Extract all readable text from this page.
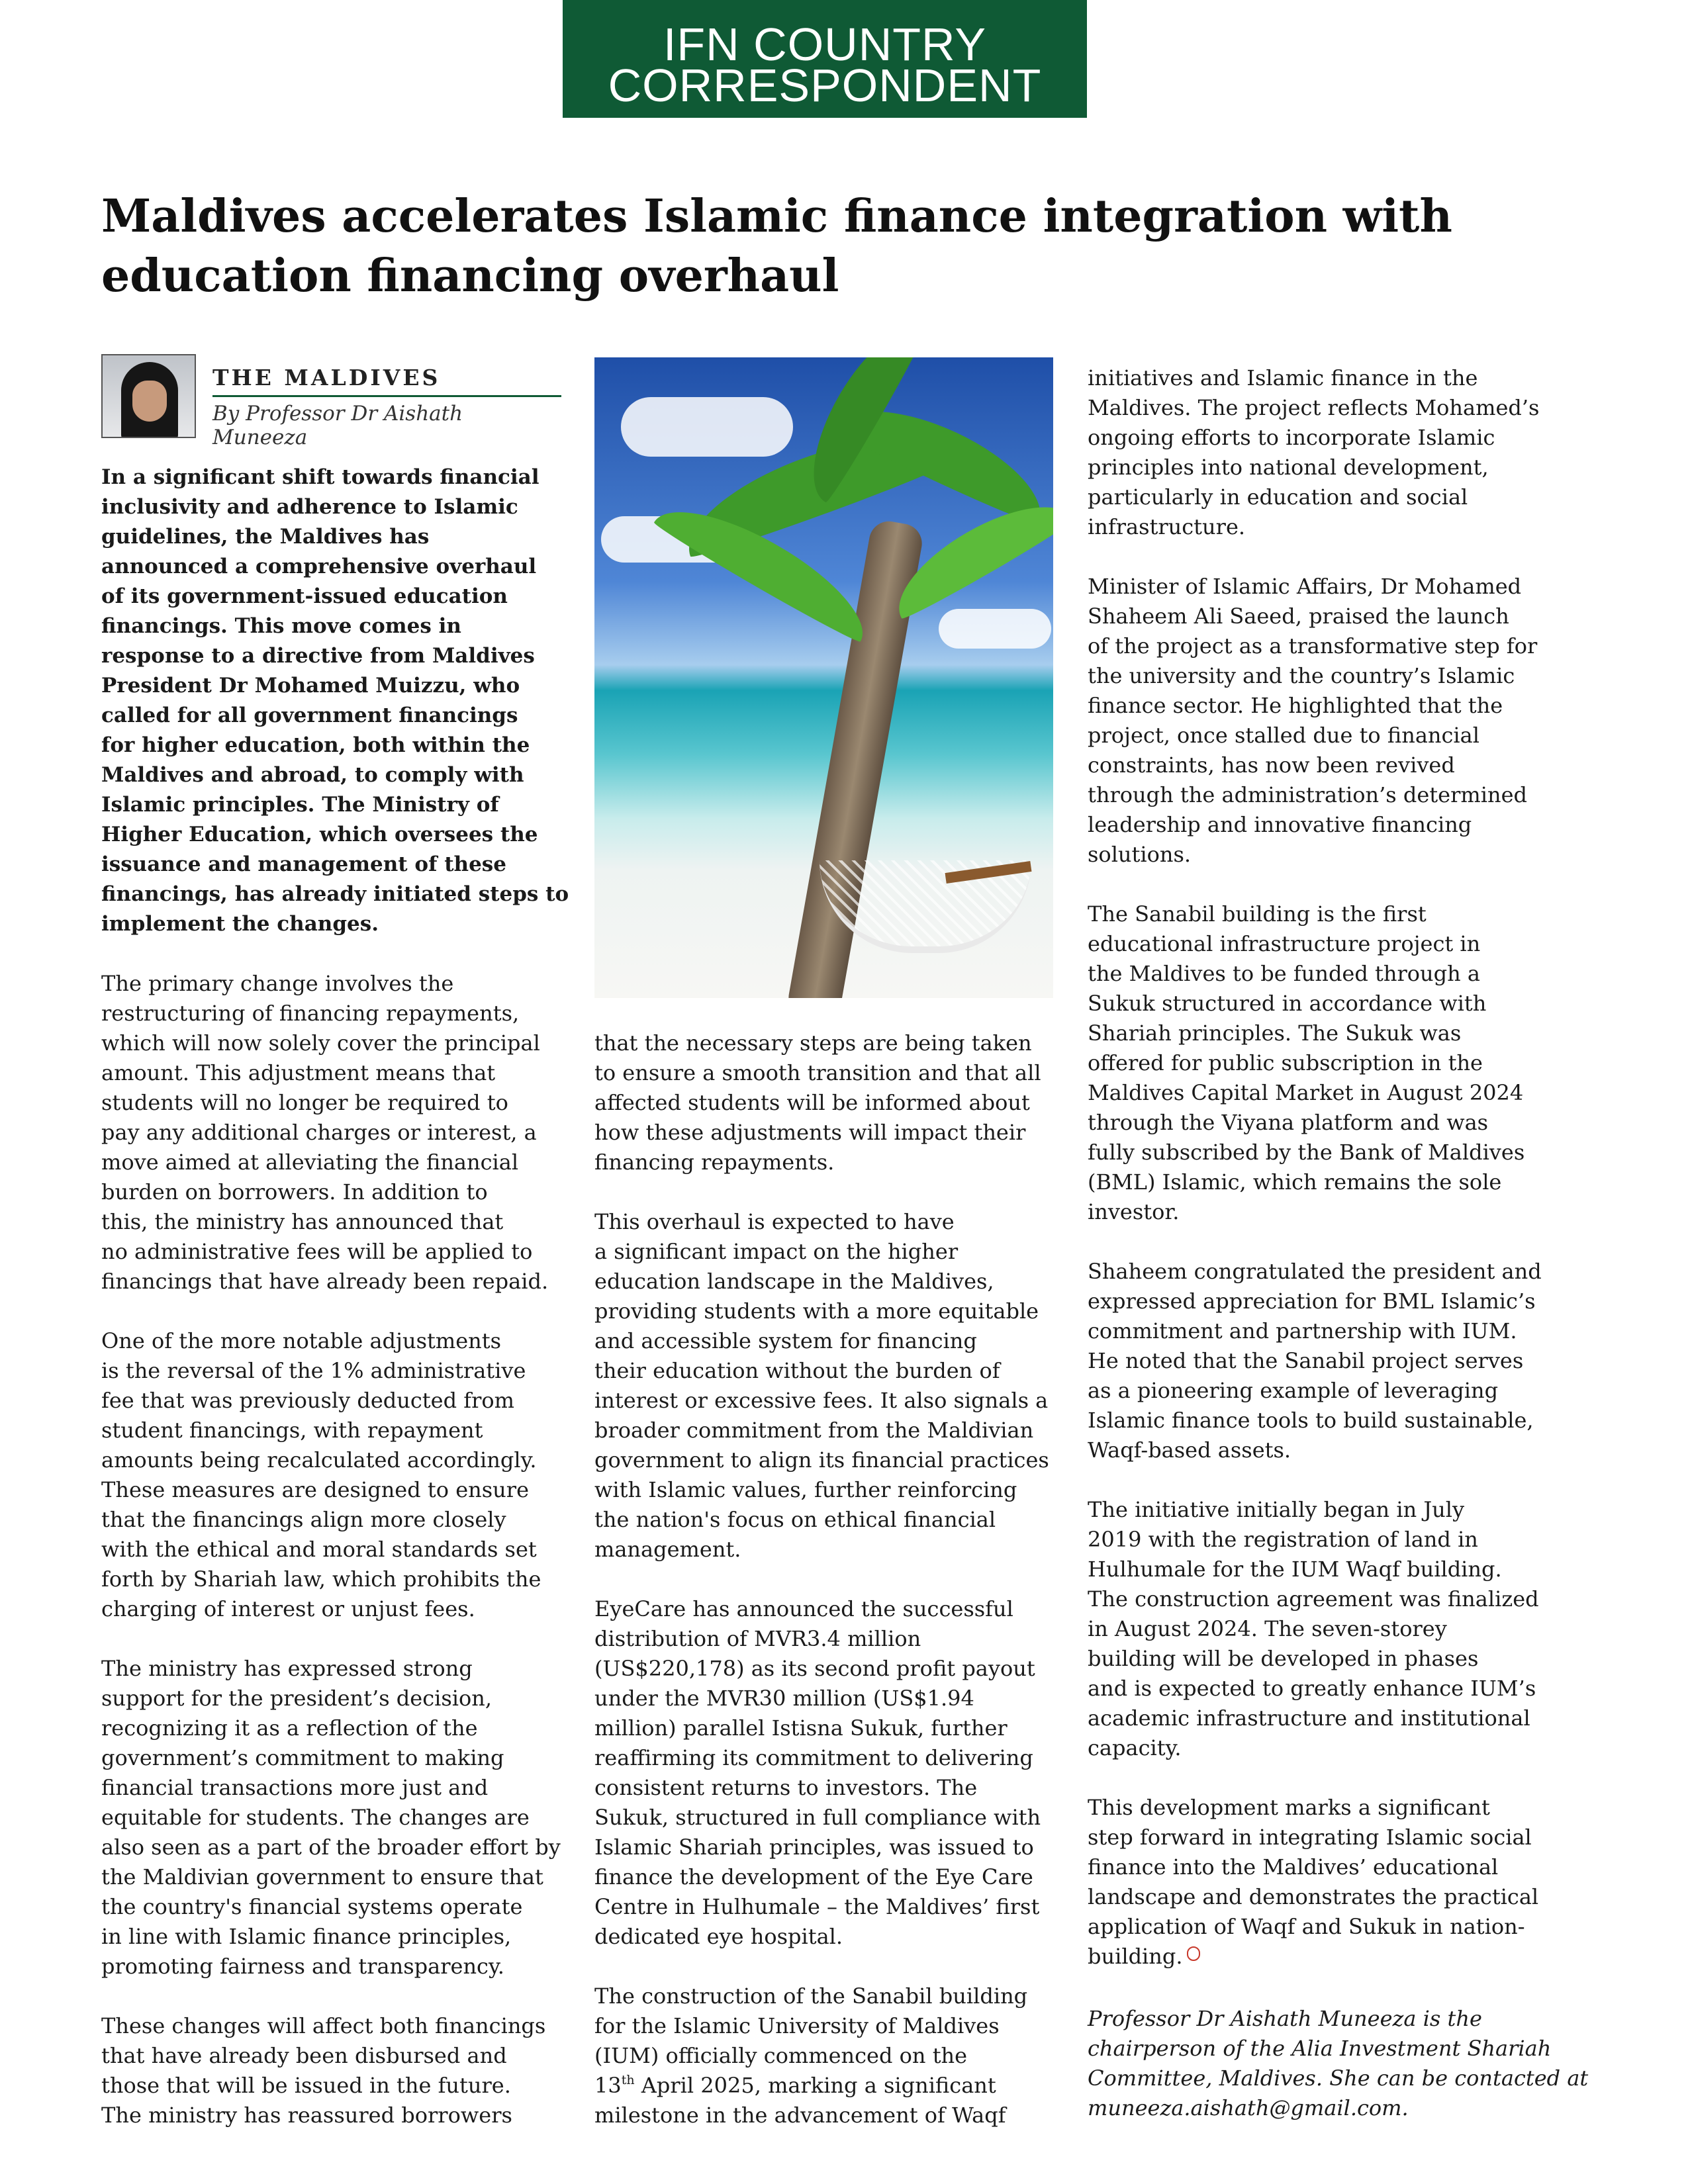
IFN COUNTRY
CORRESPONDENT
Maldives accelerates Islamic finance integration with
education financing overhaul
THE MALDIVES
By Professor Dr Aishath Muneeza
In a significant shift towards financial
inclusivity and adherence to Islamic
guidelines, the Maldives has
announced a comprehensive overhaul
of its government-issued education
financings. This move comes in
response to a directive from Maldives
President Dr Mohamed Muizzu, who
called for all government financings
for higher education, both within the
Maldives and abroad, to comply with
Islamic principles. The Ministry of
Higher Education, which oversees the
issuance and management of these
financings, has already initiated steps to
implement the changes.
The primary change involves the
restructuring of financing repayments,
which will now solely cover the principal
amount. This adjustment means that
students will no longer be required to
pay any additional charges or interest, a
move aimed at alleviating the financial
burden on borrowers. In addition to
this, the ministry has announced that
no administrative fees will be applied to
financings that have already been repaid.
One of the more notable adjustments
is the reversal of the 1% administrative
fee that was previously deducted from
student financings, with repayment
amounts being recalculated accordingly.
These measures are designed to ensure
that the financings align more closely
with the ethical and moral standards set
forth by Shariah law, which prohibits the
charging of interest or unjust fees.
The ministry has expressed strong
support for the president’s decision,
recognizing it as a reflection of the
government’s commitment to making
financial transactions more just and
equitable for students. The changes are
also seen as a part of the broader effort by
the Maldivian government to ensure that
the country's financial systems operate
in line with Islamic finance principles,
promoting fairness and transparency.
These changes will affect both financings
that have already been disbursed and
those that will be issued in the future.
The ministry has reassured borrowers
that the necessary steps are being taken
to ensure a smooth transition and that all
affected students will be informed about
how these adjustments will impact their
financing repayments.
This overhaul is expected to have
a significant impact on the higher
education landscape in the Maldives,
providing students with a more equitable
and accessible system for financing
their education without the burden of
interest or excessive fees. It also signals a
broader commitment from the Maldivian
government to align its financial practices
with Islamic values, further reinforcing
the nation's focus on ethical financial
management.
EyeCare has announced the successful
distribution of MVR3.4 million
(US$220,178) as its second profit payout
under the MVR30 million (US$1.94
million) parallel Istisna Sukuk, further
reaffirming its commitment to delivering
consistent returns to investors. The
Sukuk, structured in full compliance with
Islamic Shariah principles, was issued to
finance the development of the Eye Care
Centre in Hulhumale – the Maldives’ first
dedicated eye hospital.
The construction of the Sanabil building
for the Islamic University of Maldives
(IUM) officially commenced on the
13th April 2025, marking a significant
milestone in the advancement of Waqf
initiatives and Islamic finance in the
Maldives. The project reflects Mohamed’s
ongoing efforts to incorporate Islamic
principles into national development,
particularly in education and social
infrastructure.
Minister of Islamic Affairs, Dr Mohamed
Shaheem Ali Saeed, praised the launch
of the project as a transformative step for
the university and the country’s Islamic
finance sector. He highlighted that the
project, once stalled due to financial
constraints, has now been revived
through the administration’s determined
leadership and innovative financing
solutions.
The Sanabil building is the first
educational infrastructure project in
the Maldives to be funded through a
Sukuk structured in accordance with
Shariah principles. The Sukuk was
offered for public subscription in the
Maldives Capital Market in August 2024
through the Viyana platform and was
fully subscribed by the Bank of Maldives
(BML) Islamic, which remains the sole
investor.
Shaheem congratulated the president and
expressed appreciation for BML Islamic’s
commitment and partnership with IUM.
He noted that the Sanabil project serves
as a pioneering example of leveraging
Islamic finance tools to build sustainable,
Waqf-based assets.
The initiative initially began in July
2019 with the registration of land in
Hulhumale for the IUM Waqf building.
The construction agreement was finalized
in August 2024. The seven-storey
building will be developed in phases
and is expected to greatly enhance IUM’s
academic infrastructure and institutional
capacity.
This development marks a significant
step forward in integrating Islamic social
finance into the Maldives’ educational
landscape and demonstrates the practical
application of Waqf and Sukuk in nation-
building.
Professor Dr Aishath Muneeza is the
chairperson of the Alia Investment Shariah
Committee, Maldives. She can be contacted at
muneeza.aishath@gmail.com.
